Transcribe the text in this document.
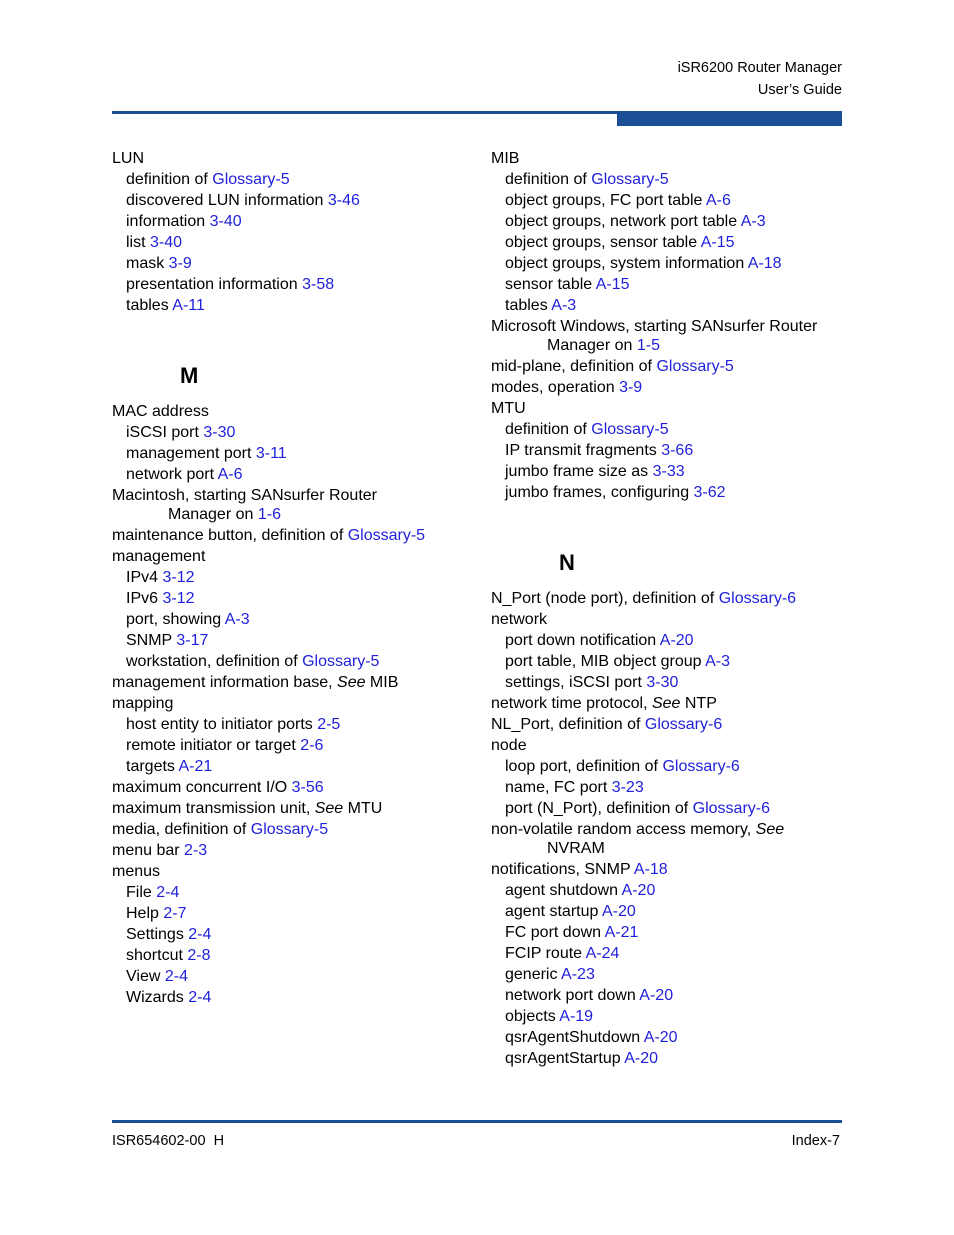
iSR6200 Router Manager
User’s Guide
LUN
definition of Glossary-5
discovered LUN information 3-46
information 3-40
list 3-40
mask 3-9
presentation information 3-58
tables A-11
M
MAC address
iSCSI port 3-30
management port 3-11
network port A-6
Macintosh, starting SANsurfer Router
Manager on 1-6
maintenance button, definition of Glossary-5
management
IPv4 3-12
IPv6 3-12
port, showing A-3
SNMP 3-17
workstation, definition of Glossary-5
management information base, See MIB
mapping
host entity to initiator ports 2-5
remote initiator or target 2-6
targets A-21
maximum concurrent I/O 3-56
maximum transmission unit, See MTU
media, definition of Glossary-5
menu bar 2-3
menus
File 2-4
Help 2-7
Settings 2-4
shortcut 2-8
View 2-4
Wizards 2-4
MIB
definition of Glossary-5
object groups, FC port table A-6
object groups, network port table A-3
object groups, sensor table A-15
object groups, system information A-18
sensor table A-15
tables A-3
Microsoft Windows, starting SANsurfer Router
Manager on 1-5
mid-plane, definition of Glossary-5
modes, operation 3-9
MTU
definition of Glossary-5
IP transmit fragments 3-66
jumbo frame size as 3-33
jumbo frames, configuring 3-62
N
N_Port (node port), definition of Glossary-6
network
port down notification A-20
port table, MIB object group A-3
settings, iSCSI port 3-30
network time protocol, See NTP
NL_Port, definition of Glossary-6
node
loop port, definition of Glossary-6
name, FC port 3-23
port (N_Port), definition of Glossary-6
non-volatile random access memory, See
NVRAM
notifications, SNMP A-18
agent shutdown A-20
agent startup A-20
FC port down A-21
FCIP route A-24
generic A-23
network port down A-20
objects A-19
qsrAgentShutdown A-20
qsrAgentStartup A-20
ISR654602-00  H	Index-7
